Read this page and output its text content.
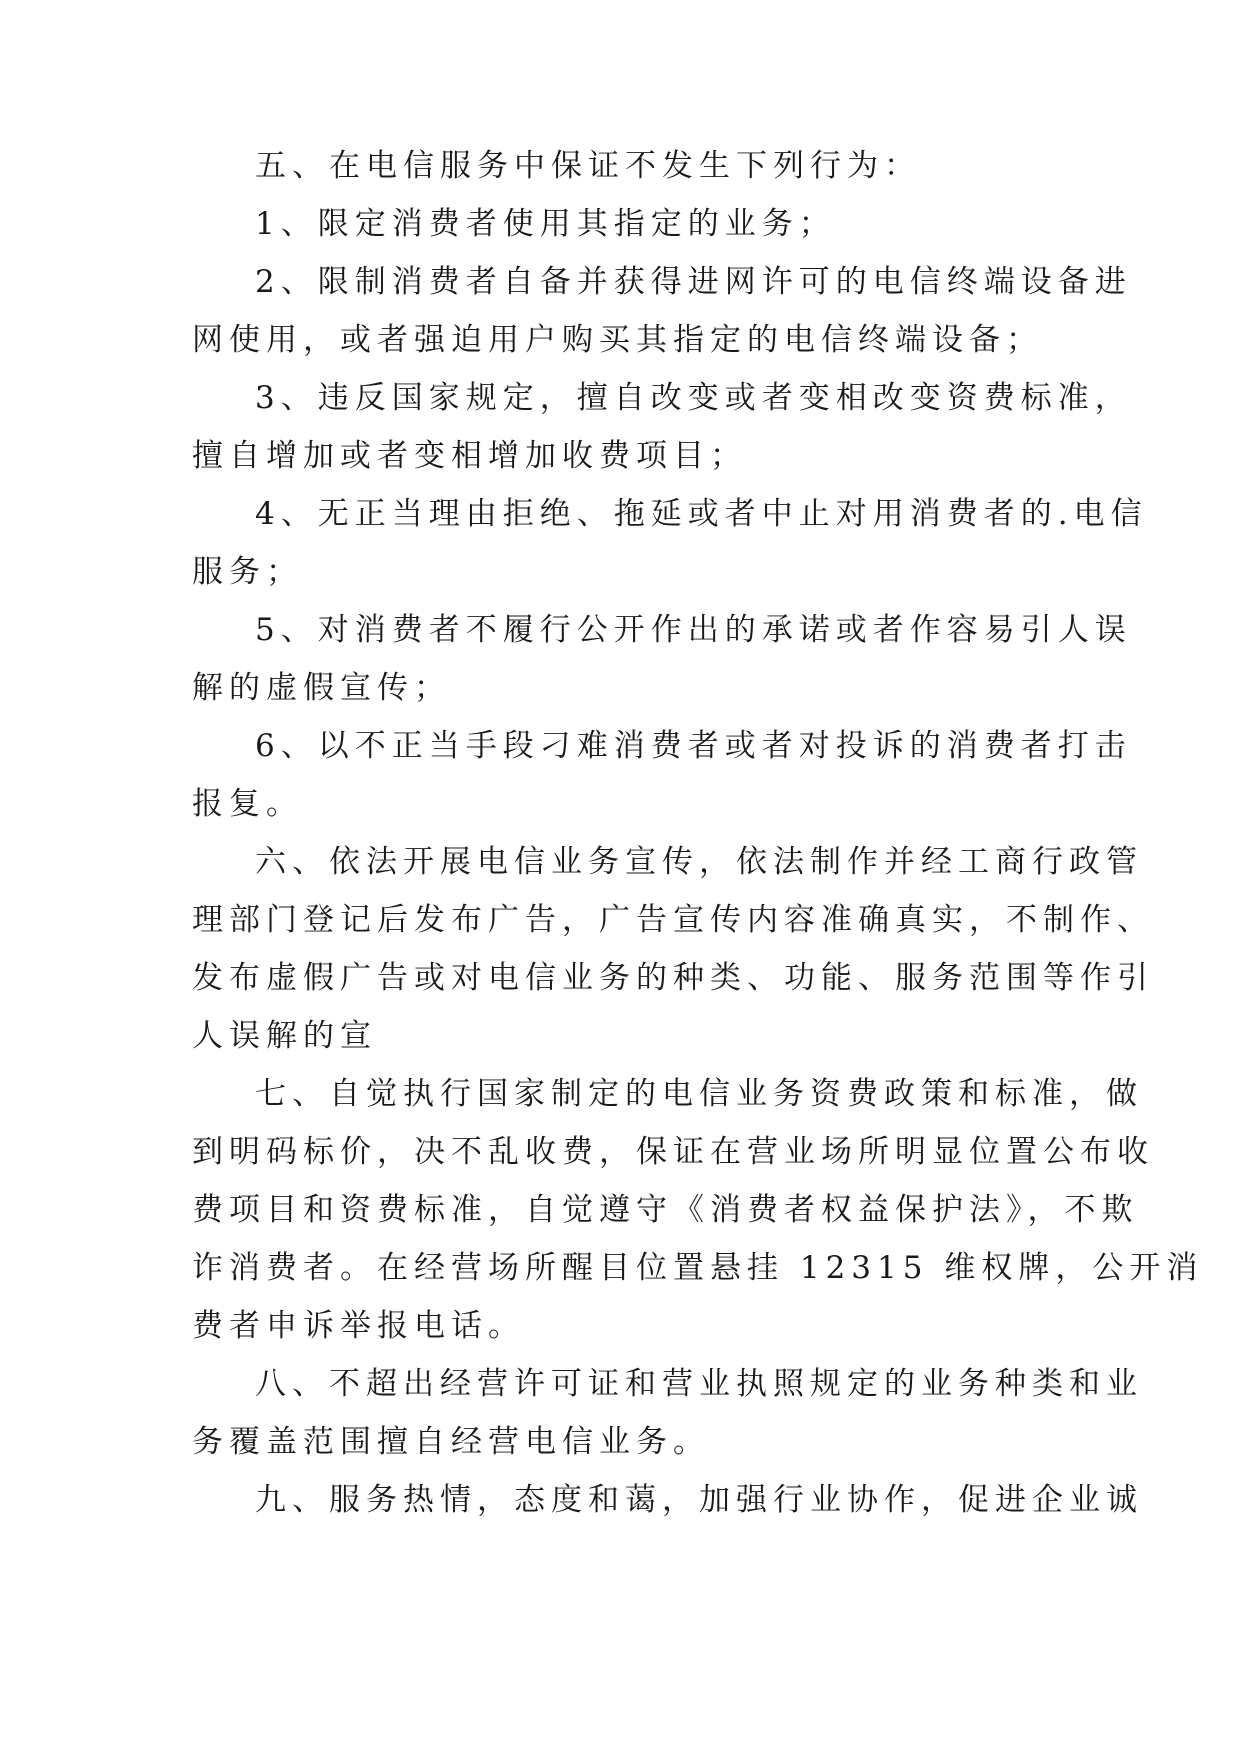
五、在电信服务中保证不发生下列行为：
1、限定消费者使用其指定的业务；
2、限制消费者自备并获得进网许可的电信终端设备进
网使用，或者强迫用户购买其指定的电信终端设备；
3、违反国家规定，擅自改变或者变相改变资费标准，
擅自增加或者变相增加收费项目；
4、无正当理由拒绝、拖延或者中止对用消费者的.电信
服务；
5、对消费者不履行公开作出的承诺或者作容易引人误
解的虚假宣传；
6、以不正当手段刁难消费者或者对投诉的消费者打击
报复。
六、依法开展电信业务宣传，依法制作并经工商行政管
理部门登记后发布广告，广告宣传内容准确真实，不制作、
发布虚假广告或对电信业务的种类、功能、服务范围等作引
人误解的宣
七、自觉执行国家制定的电信业务资费政策和标准，做
到明码标价，决不乱收费，保证在营业场所明显位置公布收
费项目和资费标准，自觉遵守《消费者权益保护法》，不欺
诈消费者。在经营场所醒目位置悬挂 12315 维权牌，公开消
费者申诉举报电话。
八、不超出经营许可证和营业执照规定的业务种类和业
务覆盖范围擅自经营电信业务。
九、服务热情，态度和蔼，加强行业协作，促进企业诚
